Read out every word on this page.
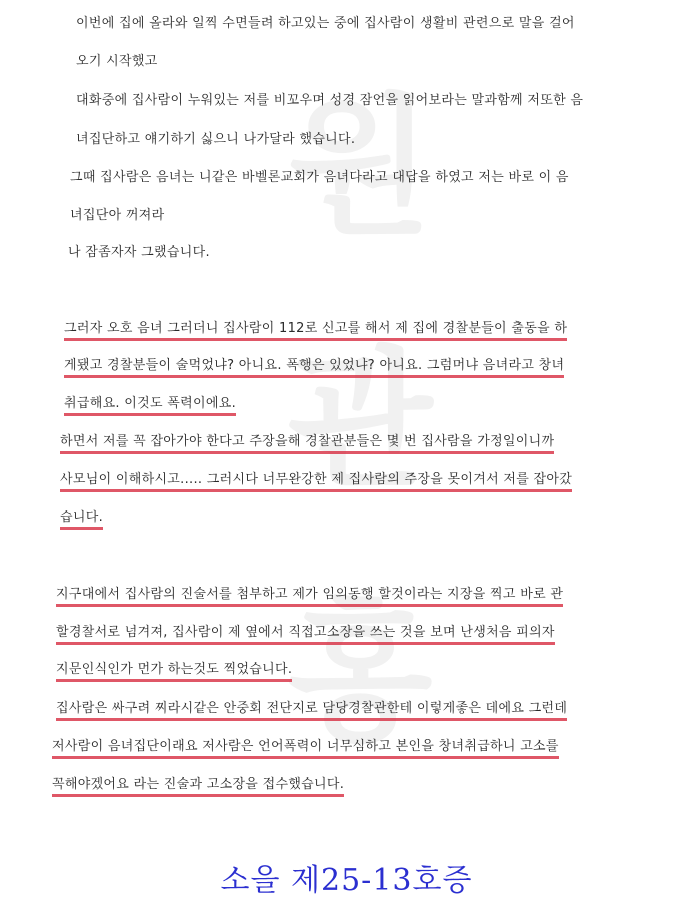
원
관
홍
이번에 집에 올라와 일찍 수면들려 하고있는 중에 집사람이 생활비 관련으로 말을 걸어
오기 시작했고
대화중에 집사람이 누워있는 저를 비꼬우며 성경 잠언을 읽어보라는 말과함께 저또한 음
녀집단하고 얘기하기 싫으니 나가달라 했습니다.
그때 집사람은 음녀는 니같은 바벨론교회가 음녀다라고 대답을 하였고 저는 바로 이 음
녀집단아 꺼져라
나 잠좀자자 그랬습니다.
그러자 오호 음녀 그러더니 집사람이 112로 신고를 해서 제 집에 경찰분들이 출동을 하
게됐고 경찰분들이 술먹었냐? 아니요. 폭행은 있었냐? 아니요. 그럼머냐 음녀라고 창녀
취급해요. 이것도 폭력이에요.
하면서 저를 꼭 잡아가야 한다고 주장을해 경찰관분들은 몇 번 집사람을 가정일이니까
사모님이 이해하시고..... 그러시다 너무완강한 제 집사람의 주장을 못이겨서 저를 잡아갔
습니다.
지구대에서 집사람의 진술서를 첨부하고 제가 임의동행 할것이라는 지장을 찍고 바로 관
할경찰서로 넘겨져, 집사람이 제 옆에서 직접고소장을 쓰는 것을 보며 난생처음 피의자
지문인식인가 먼가 하는것도 찍었습니다.
집사람은 싸구려 찌라시같은 안중회 전단지로 담당경찰관한테 이렇게좋은 데에요 그런데
저사람이 음녀집단이래요 저사람은 언어폭력이 너무심하고 본인을 창녀취급하니 고소를
꼭해야겠어요 라는 진술과 고소장을 접수했습니다.
소을 제25-13호증
